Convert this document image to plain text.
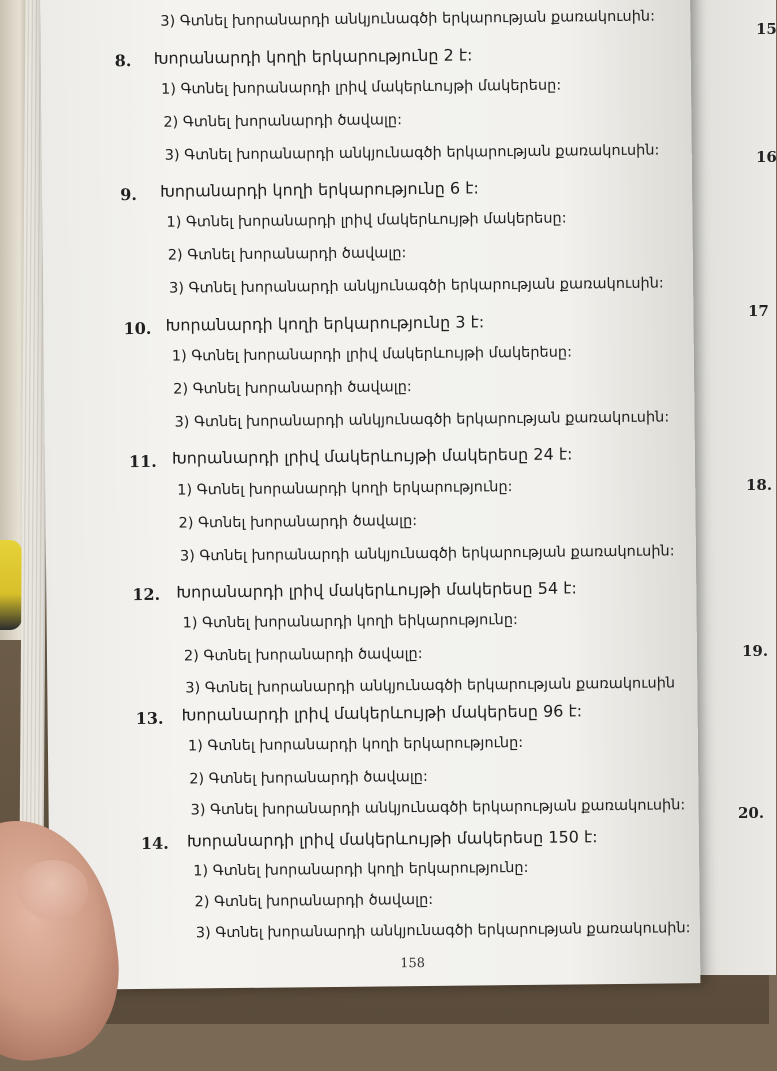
15
16
17
18.
19.
20.
3) Գտնել խորանարդի անկյունագծի երկարության քառակուսին:
8. Խորանարդի կողի երկարությունը 2 է:
1) Գտնել խորանարդի լրիվ մակերևույթի մակերեսը:
2) Գտնել խորանարդի ծավալը:
3) Գտնել խորանարդի անկյունագծի երկարության քառակուսին:
9. Խորանարդի կողի երկարությունը 6 է:
1) Գտնել խորանարդի լրիվ մակերևույթի մակերեսը:
2) Գտնել խորանարդի ծավալը:
3) Գտնել խորանարդի անկյունագծի երկարության քառակուսին:
10. Խորանարդի կողի երկարությունը 3 է:
1) Գտնել խորանարդի լրիվ մակերևույթի մակերեսը:
2) Գտնել խորանարդի ծավալը:
3) Գտնել խորանարդի անկյունագծի երկարության քառակուսին:
11. Խորանարդի լրիվ մակերևույթի մակերեսը 24 է:
1) Գտնել խորանարդի կողի երկարությունը:
2) Գտնել խորանարդի ծավալը:
3) Գտնել խորանարդի անկյունագծի երկարության քառակուսին:
12. Խորանարդի լրիվ մակերևույթի մակերեսը 54 է:
1) Գտնել խորանարդի կողի եիկարությունը:
2) Գտնել խորանարդի ծավալը:
3) Գտնել խորանարդի անկյունագծի երկարության քառակուսին
13. Խորանարդի լրիվ մակերևույթի մակերեսը 96 է:
1) Գտնել խորանարդի կողի երկարությունը:
2) Գտնել խորանարդի ծավալը:
3) Գտնել խորանարդի անկյունագծի երկարության քառակուսին:
14. Խորանարդի լրիվ մակերևույթի մակերեսը 150 է:
1) Գտնել խորանարդի կողի երկարությունը:
2) Գտնել խորանարդի ծավալը:
3) Գտնել խորանարդի անկյունագծի երկարության քառակուսին:
158
